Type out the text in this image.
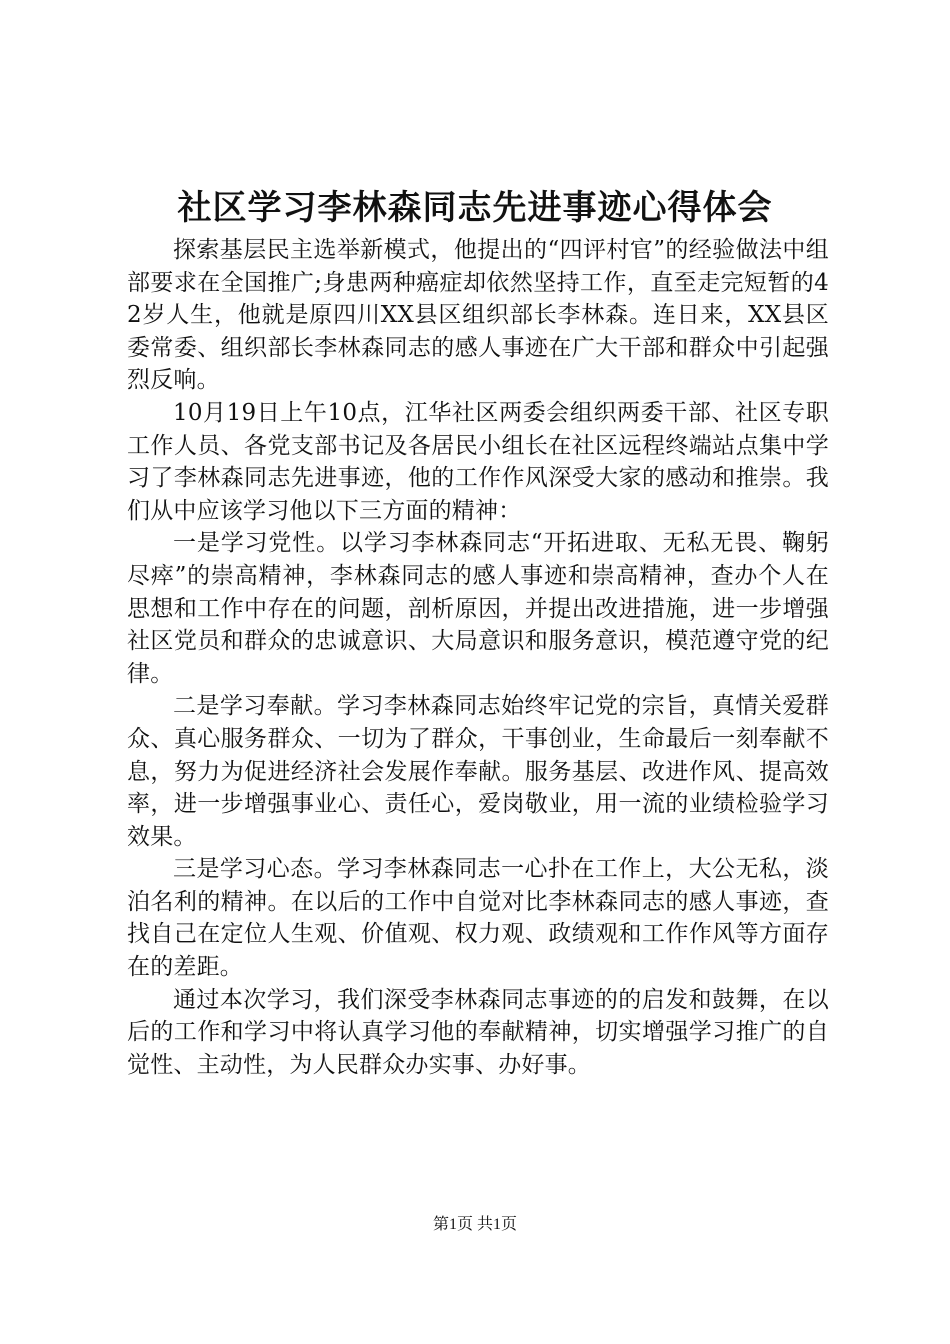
社区学习李林森同志先进事迹心得体会

探索基层民主选举新模式，他提出的“四评村官”的经验做法中组部要求在全国推广;身患两种癌症却依然坚持工作，直至走完短暂的42岁人生，他就是原四川XX县区组织部长李林森。连日来，XX县区委常委、组织部长李林森同志的感人事迹在广大干部和群众中引起强烈反响。

10月19日上午10点，江华社区两委会组织两委干部、社区专职工作人员、各党支部书记及各居民小组长在社区远程终端站点集中学习了李林森同志先进事迹，他的工作作风深受大家的感动和推崇。我们从中应该学习他以下三方面的精神：

一是学习党性。以学习李林森同志“开拓进取、无私无畏、鞠躬尽瘁”的崇高精神，李林森同志的感人事迹和崇高精神，查办个人在思想和工作中存在的问题，剖析原因，并提出改进措施，进一步增强社区党员和群众的忠诚意识、大局意识和服务意识，模范遵守党的纪律。

二是学习奉献。学习李林森同志始终牢记党的宗旨，真情关爱群众、真心服务群众、一切为了群众，干事创业，生命最后一刻奉献不息，努力为促进经济社会发展作奉献。服务基层、改进作风、提高效率，进一步增强事业心、责任心，爱岗敬业，用一流的业绩检验学习效果。

三是学习心态。学习李林森同志一心扑在工作上，大公无私，淡泊名利的精神。在以后的工作中自觉对比李林森同志的感人事迹，查找自己在定位人生观、价值观、权力观、政绩观和工作作风等方面存在的差距。

通过本次学习，我们深受李林森同志事迹的的启发和鼓舞，在以后的工作和学习中将认真学习他的奉献精神，切实增强学习推广的自觉性、主动性，为人民群众办实事、办好事。

第1页 共1页
